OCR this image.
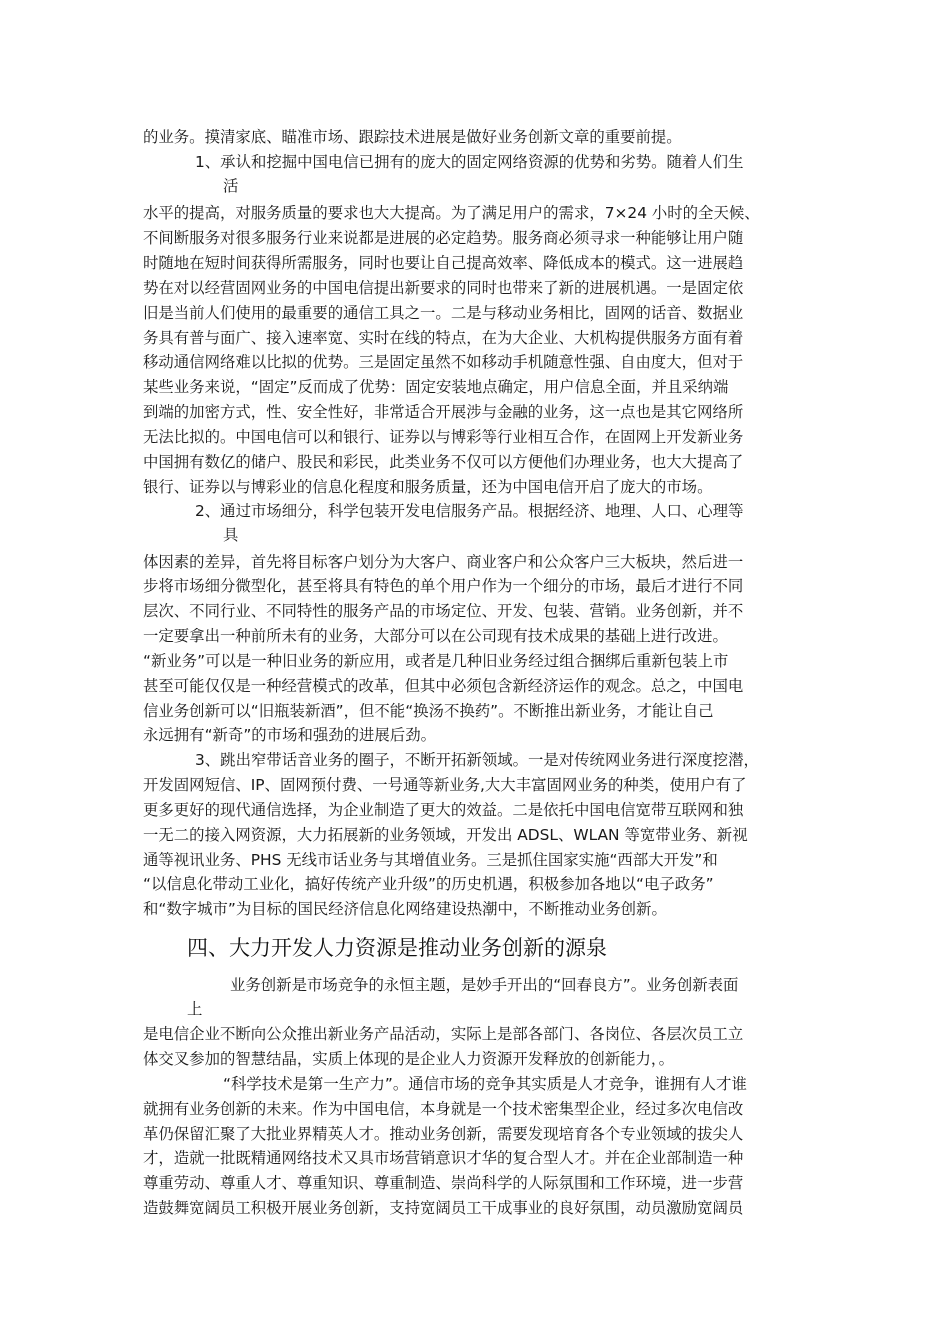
的业务。摸清家底、瞄准市场、跟踪技术进展是做好业务创新文章的重要前提。
1、承认和挖掘中国电信已拥有的庞大的固定网络资源的优势和劣势。随着人们生
活
水平的提高，对服务质量的要求也大大提高。为了满足用户的需求，7×24 小时的全天候、
不间断服务对很多服务行业来说都是进展的必定趋势。服务商必须寻求一种能够让用户随
时随地在短时间获得所需服务，同时也要让自己提高效率、降低成本的模式。这一进展趋
势在对以经营固网业务的中国电信提出新要求的同时也带来了新的进展机遇。一是固定依
旧是当前人们使用的最重要的通信工具之一。二是与移动业务相比，固网的话音、数据业
务具有普与面广、接入速率宽、实时在线的特点，在为大企业、大机构提供服务方面有着
移动通信网络难以比拟的优势。三是固定虽然不如移动手机随意性强、自由度大，但对于
某些业务来说，“固定”反而成了优势：固定安装地点确定，用户信息全面，并且采纳端
到端的加密方式，性、安全性好，非常适合开展涉与金融的业务，这一点也是其它网络所
无法比拟的。中国电信可以和银行、证券以与博彩等行业相互合作，在固网上开发新业务
中国拥有数亿的储户、股民和彩民，此类业务不仅可以方便他们办理业务，也大大提高了
银行、证券以与博彩业的信息化程度和服务质量，还为中国电信开启了庞大的市场。
2、通过市场细分，科学包装开发电信服务产品。根据经济、地理、人口、心理等
具
体因素的差异，首先将目标客户划分为大客户、商业客户和公众客户三大板块，然后进一
步将市场细分微型化，甚至将具有特色的单个用户作为一个细分的市场，最后才进行不同
层次、不同行业、不同特性的服务产品的市场定位、开发、包装、营销。业务创新，并不
一定要拿出一种前所未有的业务，大部分可以在公司现有技术成果的基础上进行改进。
“新业务”可以是一种旧业务的新应用，或者是几种旧业务经过组合捆绑后重新包装上市
甚至可能仅仅是一种经营模式的改革，但其中必须包含新经济运作的观念。总之，中国电
信业务创新可以“旧瓶装新酒”，但不能“换汤不换药”。不断推出新业务，才能让自己
永远拥有“新奇”的市场和强劲的进展后劲。
3、跳出窄带话音业务的圈子，不断开拓新领域。一是对传统网业务进行深度挖潜，
开发固网短信、IP、固网预付费、一号通等新业务,大大丰富固网业务的种类，使用户有了
更多更好的现代通信选择，为企业制造了更大的效益。二是依托中国电信宽带互联网和独
一无二的接入网资源，大力拓展新的业务领域，开发出 ADSL、WLAN 等宽带业务、新视
通等视讯业务、PHS 无线市话业务与其增值业务。三是抓住国家实施“西部大开发”和
“以信息化带动工业化，搞好传统产业升级”的历史机遇，积极参加各地以“电子政务”
和“数字城市”为目标的国民经济信息化网络建设热潮中，不断推动业务创新。
四、大力开发人力资源是推动业务创新的源泉
业务创新是市场竞争的永恒主题，是妙手开出的“回春良方”。业务创新表面
上
是电信企业不断向公众推出新业务产品活动，实际上是部各部门、各岗位、各层次员工立
体交叉参加的智慧结晶，实质上体现的是企业人力资源开发释放的创新能力，。
“科学技术是第一生产力”。通信市场的竞争其实质是人才竞争，谁拥有人才谁
就拥有业务创新的未来。作为中国电信，本身就是一个技术密集型企业，经过多次电信改
革仍保留汇聚了大批业界精英人才。推动业务创新，需要发现培育各个专业领域的拔尖人
才，造就一批既精通网络技术又具市场营销意识才华的复合型人才。并在企业部制造一种
尊重劳动、尊重人才、尊重知识、尊重制造、崇尚科学的人际氛围和工作环境，进一步营
造鼓舞宽阔员工积极开展业务创新，支持宽阔员工干成事业的良好氛围，动员激励宽阔员
